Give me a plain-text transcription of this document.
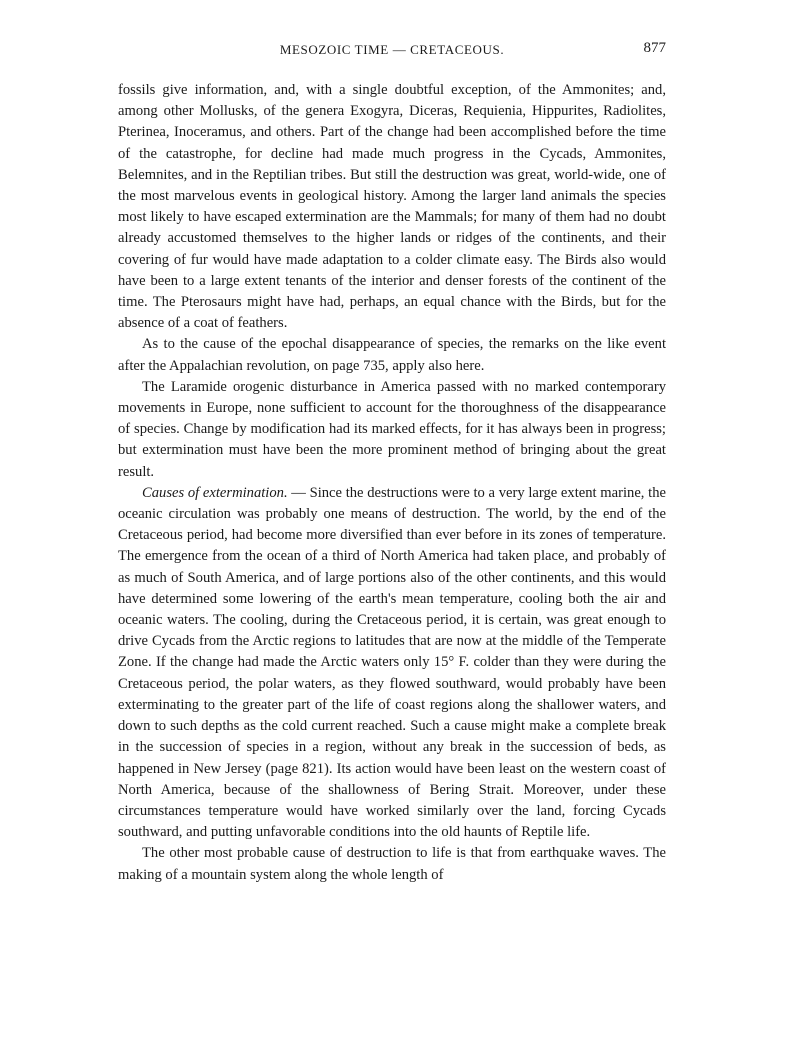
MESOZOIC TIME — CRETACEOUS.	877

fossils give information, and, with a single doubtful exception, of the Ammonites; and, among other Mollusks, of the genera Exogyra, Diceras, Requienia, Hippurites, Radiolites, Pterinea, Inoceramus, and others. Part of the change had been accomplished before the time of the catastrophe, for decline had made much progress in the Cycads, Ammonites, Belemnites, and in the Reptilian tribes. But still the destruction was great, world-wide, one of the most marvelous events in geological history. Among the larger land animals the species most likely to have escaped extermination are the Mammals; for many of them had no doubt already accustomed themselves to the higher lands or ridges of the continents, and their covering of fur would have made adaptation to a colder climate easy. The Birds also would have been to a large extent tenants of the interior and denser forests of the continent of the time. The Pterosaurs might have had, perhaps, an equal chance with the Birds, but for the absence of a coat of feathers.

As to the cause of the epochal disappearance of species, the remarks on the like event after the Appalachian revolution, on page 735, apply also here.

The Laramide orogenic disturbance in America passed with no marked contemporary movements in Europe, none sufficient to account for the thoroughness of the disappearance of species. Change by modification had its marked effects, for it has always been in progress; but extermination must have been the more prominent method of bringing about the great result.

Causes of extermination. — Since the destructions were to a very large extent marine, the oceanic circulation was probably one means of destruction. The world, by the end of the Cretaceous period, had become more diversified than ever before in its zones of temperature. The emergence from the ocean of a third of North America had taken place, and probably of as much of South America, and of large portions also of the other continents, and this would have determined some lowering of the earth's mean temperature, cooling both the air and oceanic waters. The cooling, during the Cretaceous period, it is certain, was great enough to drive Cycads from the Arctic regions to latitudes that are now at the middle of the Temperate Zone. If the change had made the Arctic waters only 15° F. colder than they were during the Cretaceous period, the polar waters, as they flowed southward, would probably have been exterminating to the greater part of the life of coast regions along the shallower waters, and down to such depths as the cold current reached. Such a cause might make a complete break in the succession of species in a region, without any break in the succession of beds, as happened in New Jersey (page 821). Its action would have been least on the western coast of North America, because of the shallowness of Bering Strait. Moreover, under these circumstances temperature would have worked similarly over the land, forcing Cycads southward, and putting unfavorable conditions into the old haunts of Reptile life.

The other most probable cause of destruction to life is that from earthquake waves. The making of a mountain system along the whole length of
